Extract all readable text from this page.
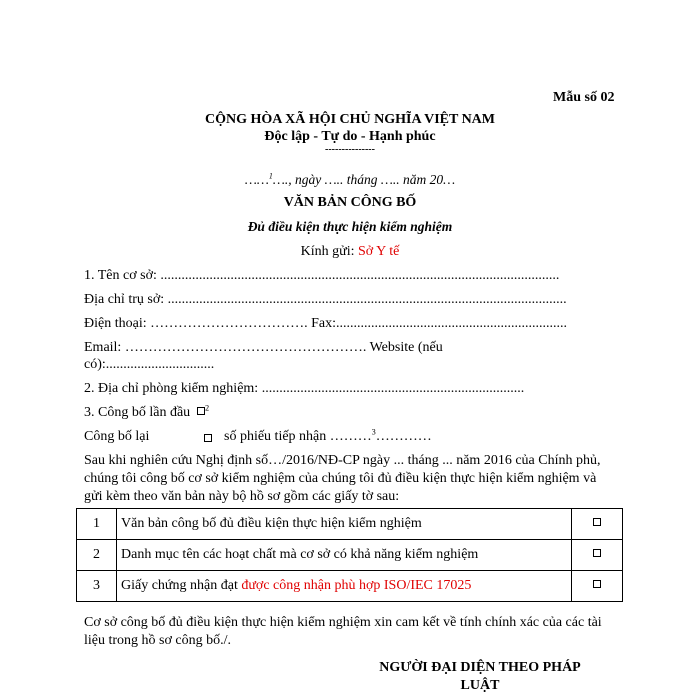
Mẫu số 02
CỘNG HÒA XÃ HỘI CHỦ NGHĨA VIỆT NAM
Độc lập - Tự do - Hạnh phúc
---------------
……$^1$…., ngày ….. tháng ….. năm 20…
VĂN BẢN CÔNG BỐ
Đủ điều kiện thực hiện kiểm nghiệm
Kính gửi: Sở Y tế
1. Tên cơ sở: ..................................................................................................................
Địa chỉ trụ sở: ..................................................................................................................
Điện thoại: ……………………………. Fax:..................................................................
Email: ……………………………………………. Website (nếu
có):...............................
2. Địa chỉ phòng kiểm nghiệm: ...........................................................................
3. Công bố lần đầu $^2$
Công bố lại	số phiếu tiếp nhận ………$^3$…………
Sau khi nghiên cứu Nghị định số…/2016/NĐ-CP ngày ... tháng ... năm 2016 của Chính phủ, chúng tôi công bố cơ sở kiểm nghiệm của chúng tôi đủ điều kiện thực hiện kiểm nghiệm và gửi kèm theo văn bản này bộ hồ sơ gồm các giấy tờ sau:
1	Văn bản công bố đủ điều kiện thực hiện kiểm nghiệm	
2	Danh mục tên các hoạt chất mà cơ sở có khả năng kiểm nghiệm	
3	Giấy chứng nhận đạt được công nhận phù hợp ISO/IEC 17025	
Cơ sở công bố đủ điều kiện thực hiện kiểm nghiệm xin cam kết về tính chính xác của các tài liệu trong hồ sơ công bố./.
NGƯỜI ĐẠI DIỆN THEO PHÁP
LUẬT
